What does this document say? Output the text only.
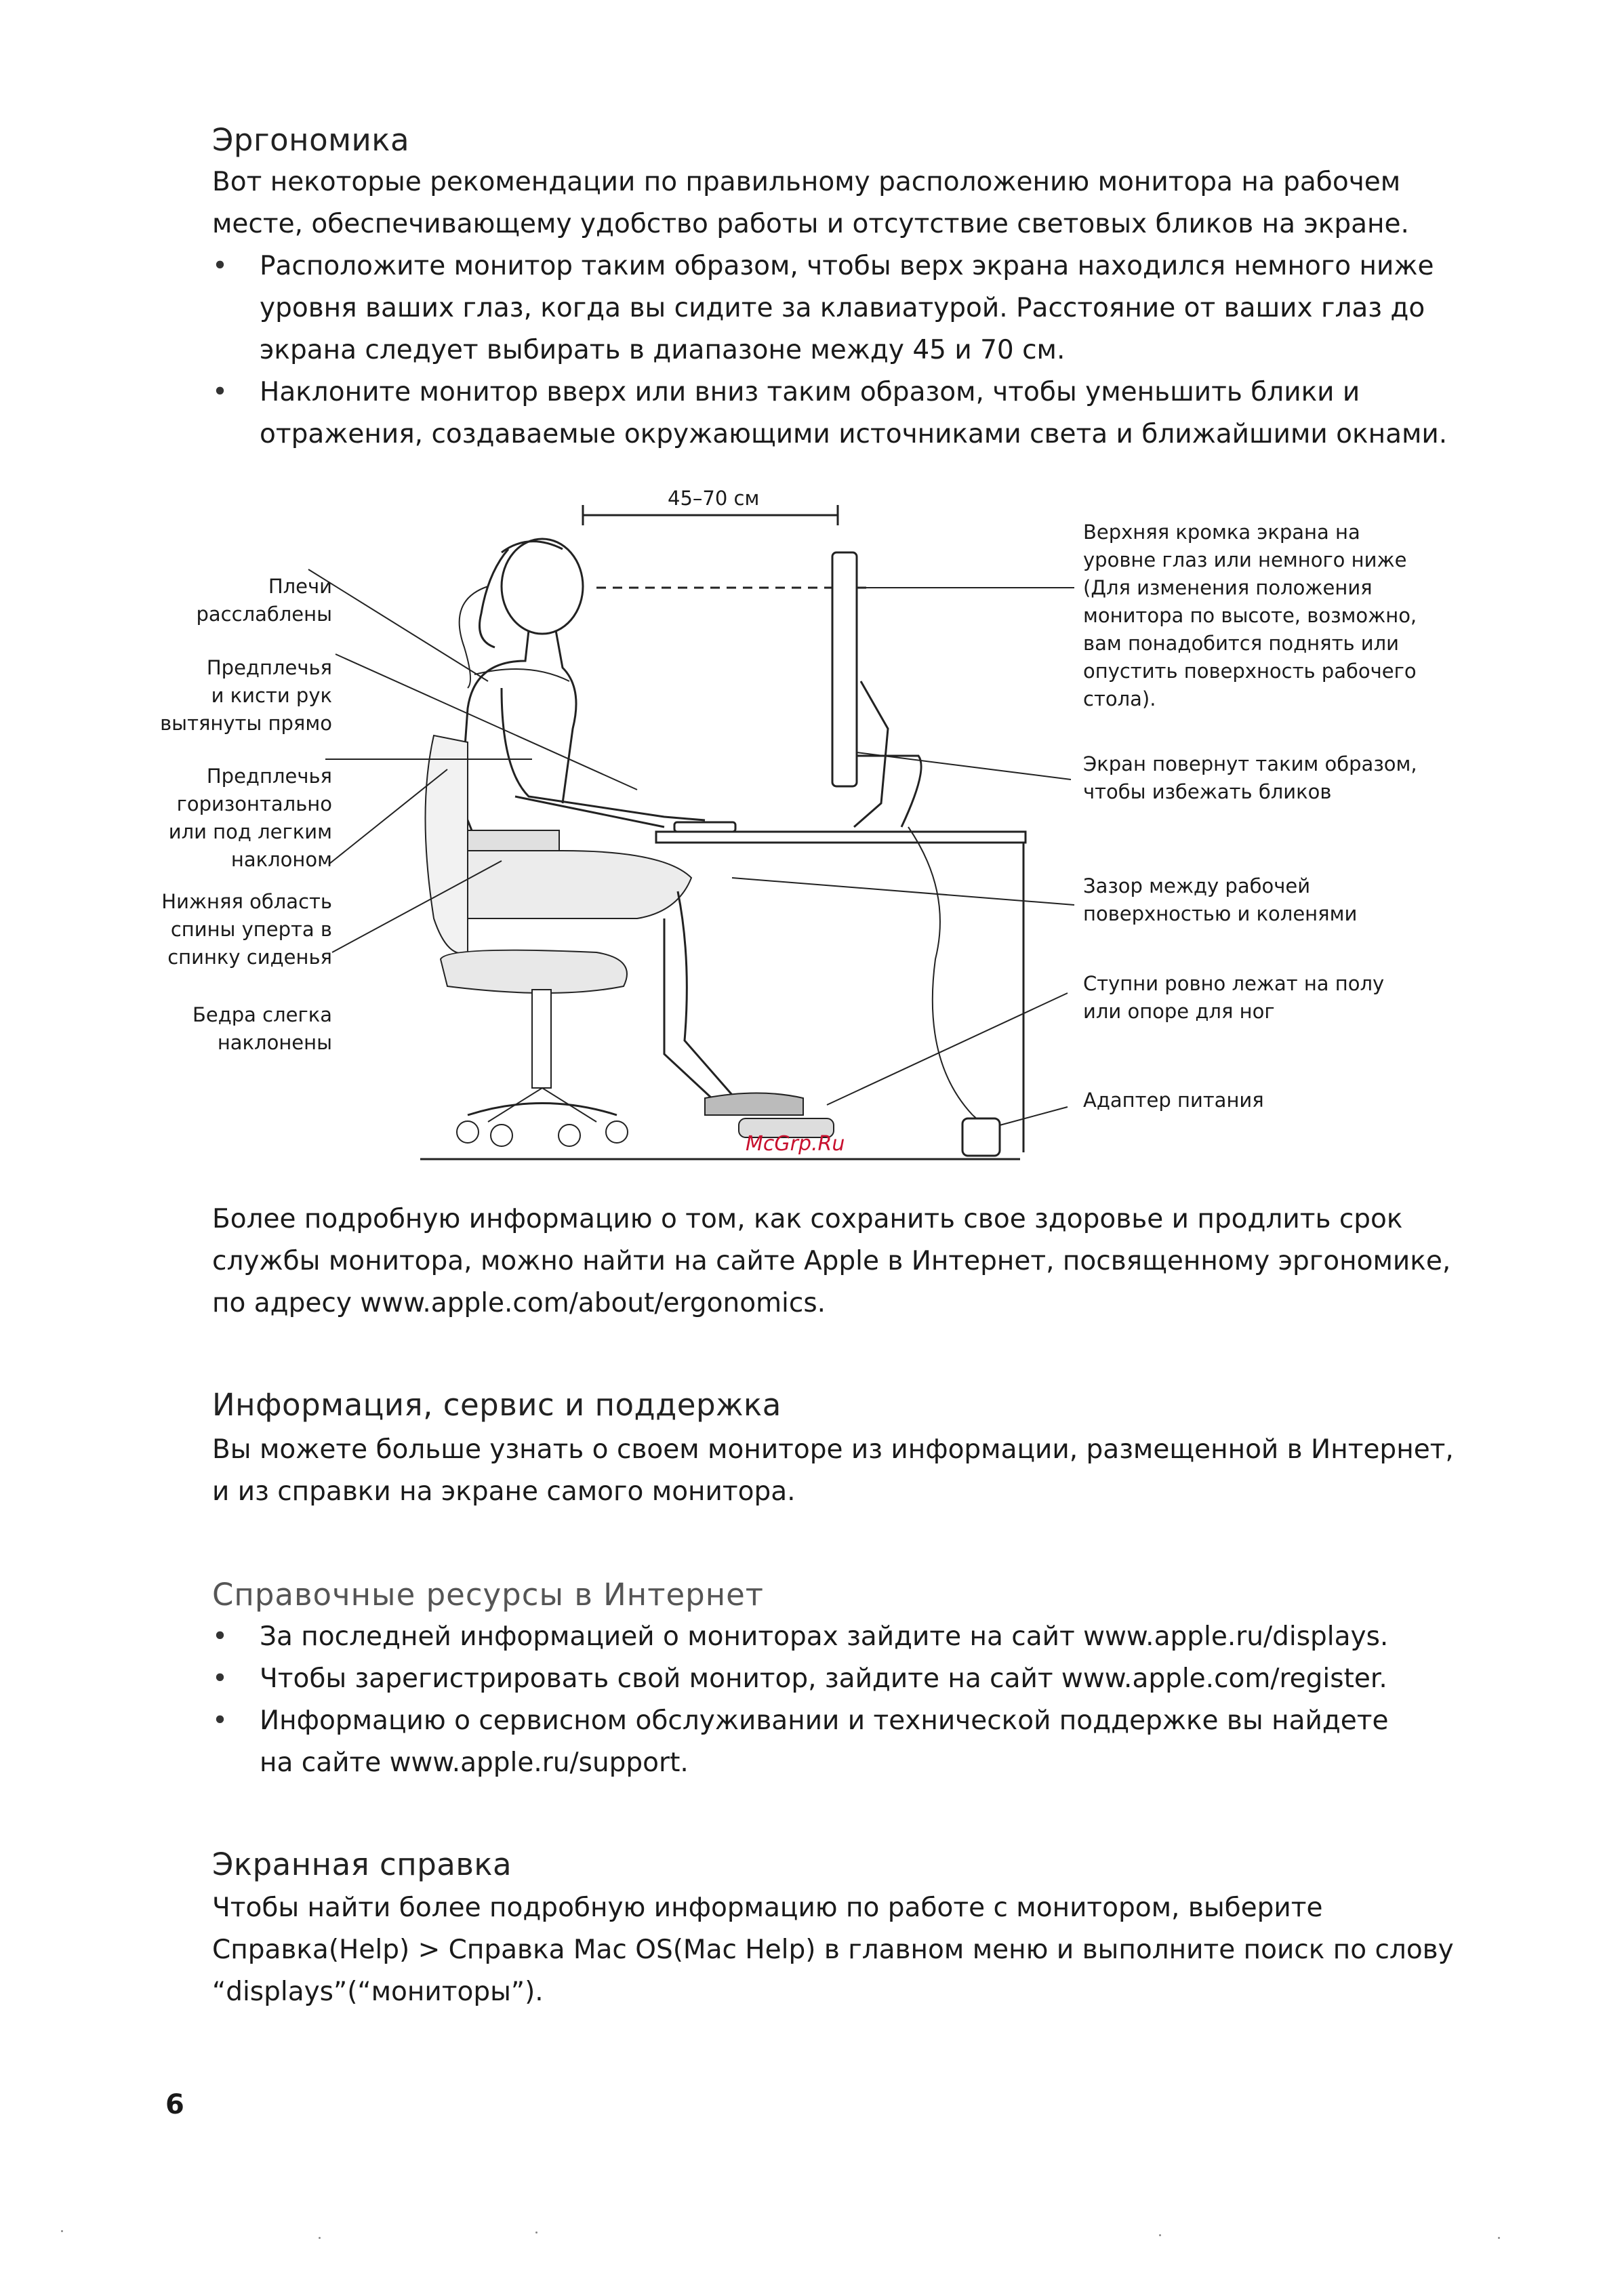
Эргономика

Вот некоторые рекомендации по правильному расположению монитора на рабочем
месте, обеспечивающему удобство работы и отсутствие световых бликов на экране.

• Расположите монитор таким образом, чтобы верх экрана находился немного ниже
уровня ваших глаз, когда вы сидите за клавиатурой. Расстояние от ваших глаз до
экрана следует выбирать в диапазоне между 45 и 70 см.
• Наклоните монитор вверх или вниз таким образом, чтобы уменьшить блики и
отражения, создаваемые окружающими источниками света и ближайшими окнами.
45–70 см
Плечи
расслаблены
Предплечья
и кисти рук
вытянуты прямо
Предплечья
горизонтально
или под легким
наклоном
Нижняя область
спины уперта в
спинку сиденья
Бедра слегка
наклонены
Верхняя кромка экрана на
уровне глаз или немного ниже
(Для изменения положения
монитора по высоте, возможно,
вам понадобится поднять или
опустить поверхность рабочего
стола).
Экран повернут таким образом,
чтобы избежать бликов
Зазор между рабочей
поверхностью и коленями
Ступни ровно лежат на полу
или опоре для ног
Адаптер питания
McGrp.Ru

Более подробную информацию о том, как сохранить свое здоровье и продлить срок
службы монитора, можно найти на сайте Apple в Интернет, посвященному эргономике,
по адресу www.apple.com/about/ergonomics.

Информация, сервис и поддержка

Вы можете больше узнать о своем мониторе из информации, размещенной в Интернет,
и из справки на экране самого монитора.

Справочные ресурсы в Интернет
• За последней информацией о мониторах зайдите на сайт www.apple.ru/displays.
• Чтобы зарегистрировать свой монитор, зайдите на сайт www.apple.com/register.
• Информацию о сервисном обслуживании и технической поддержке вы найдете
на сайте www.apple.ru/support.
Экранная справка

Чтобы найти более подробную информацию по работе с монитором, выберите
Справка(Help) > Справка Mac OS(Mac Help) в главном меню и выполните поиск по слову
“displays”(“мониторы”).

6
